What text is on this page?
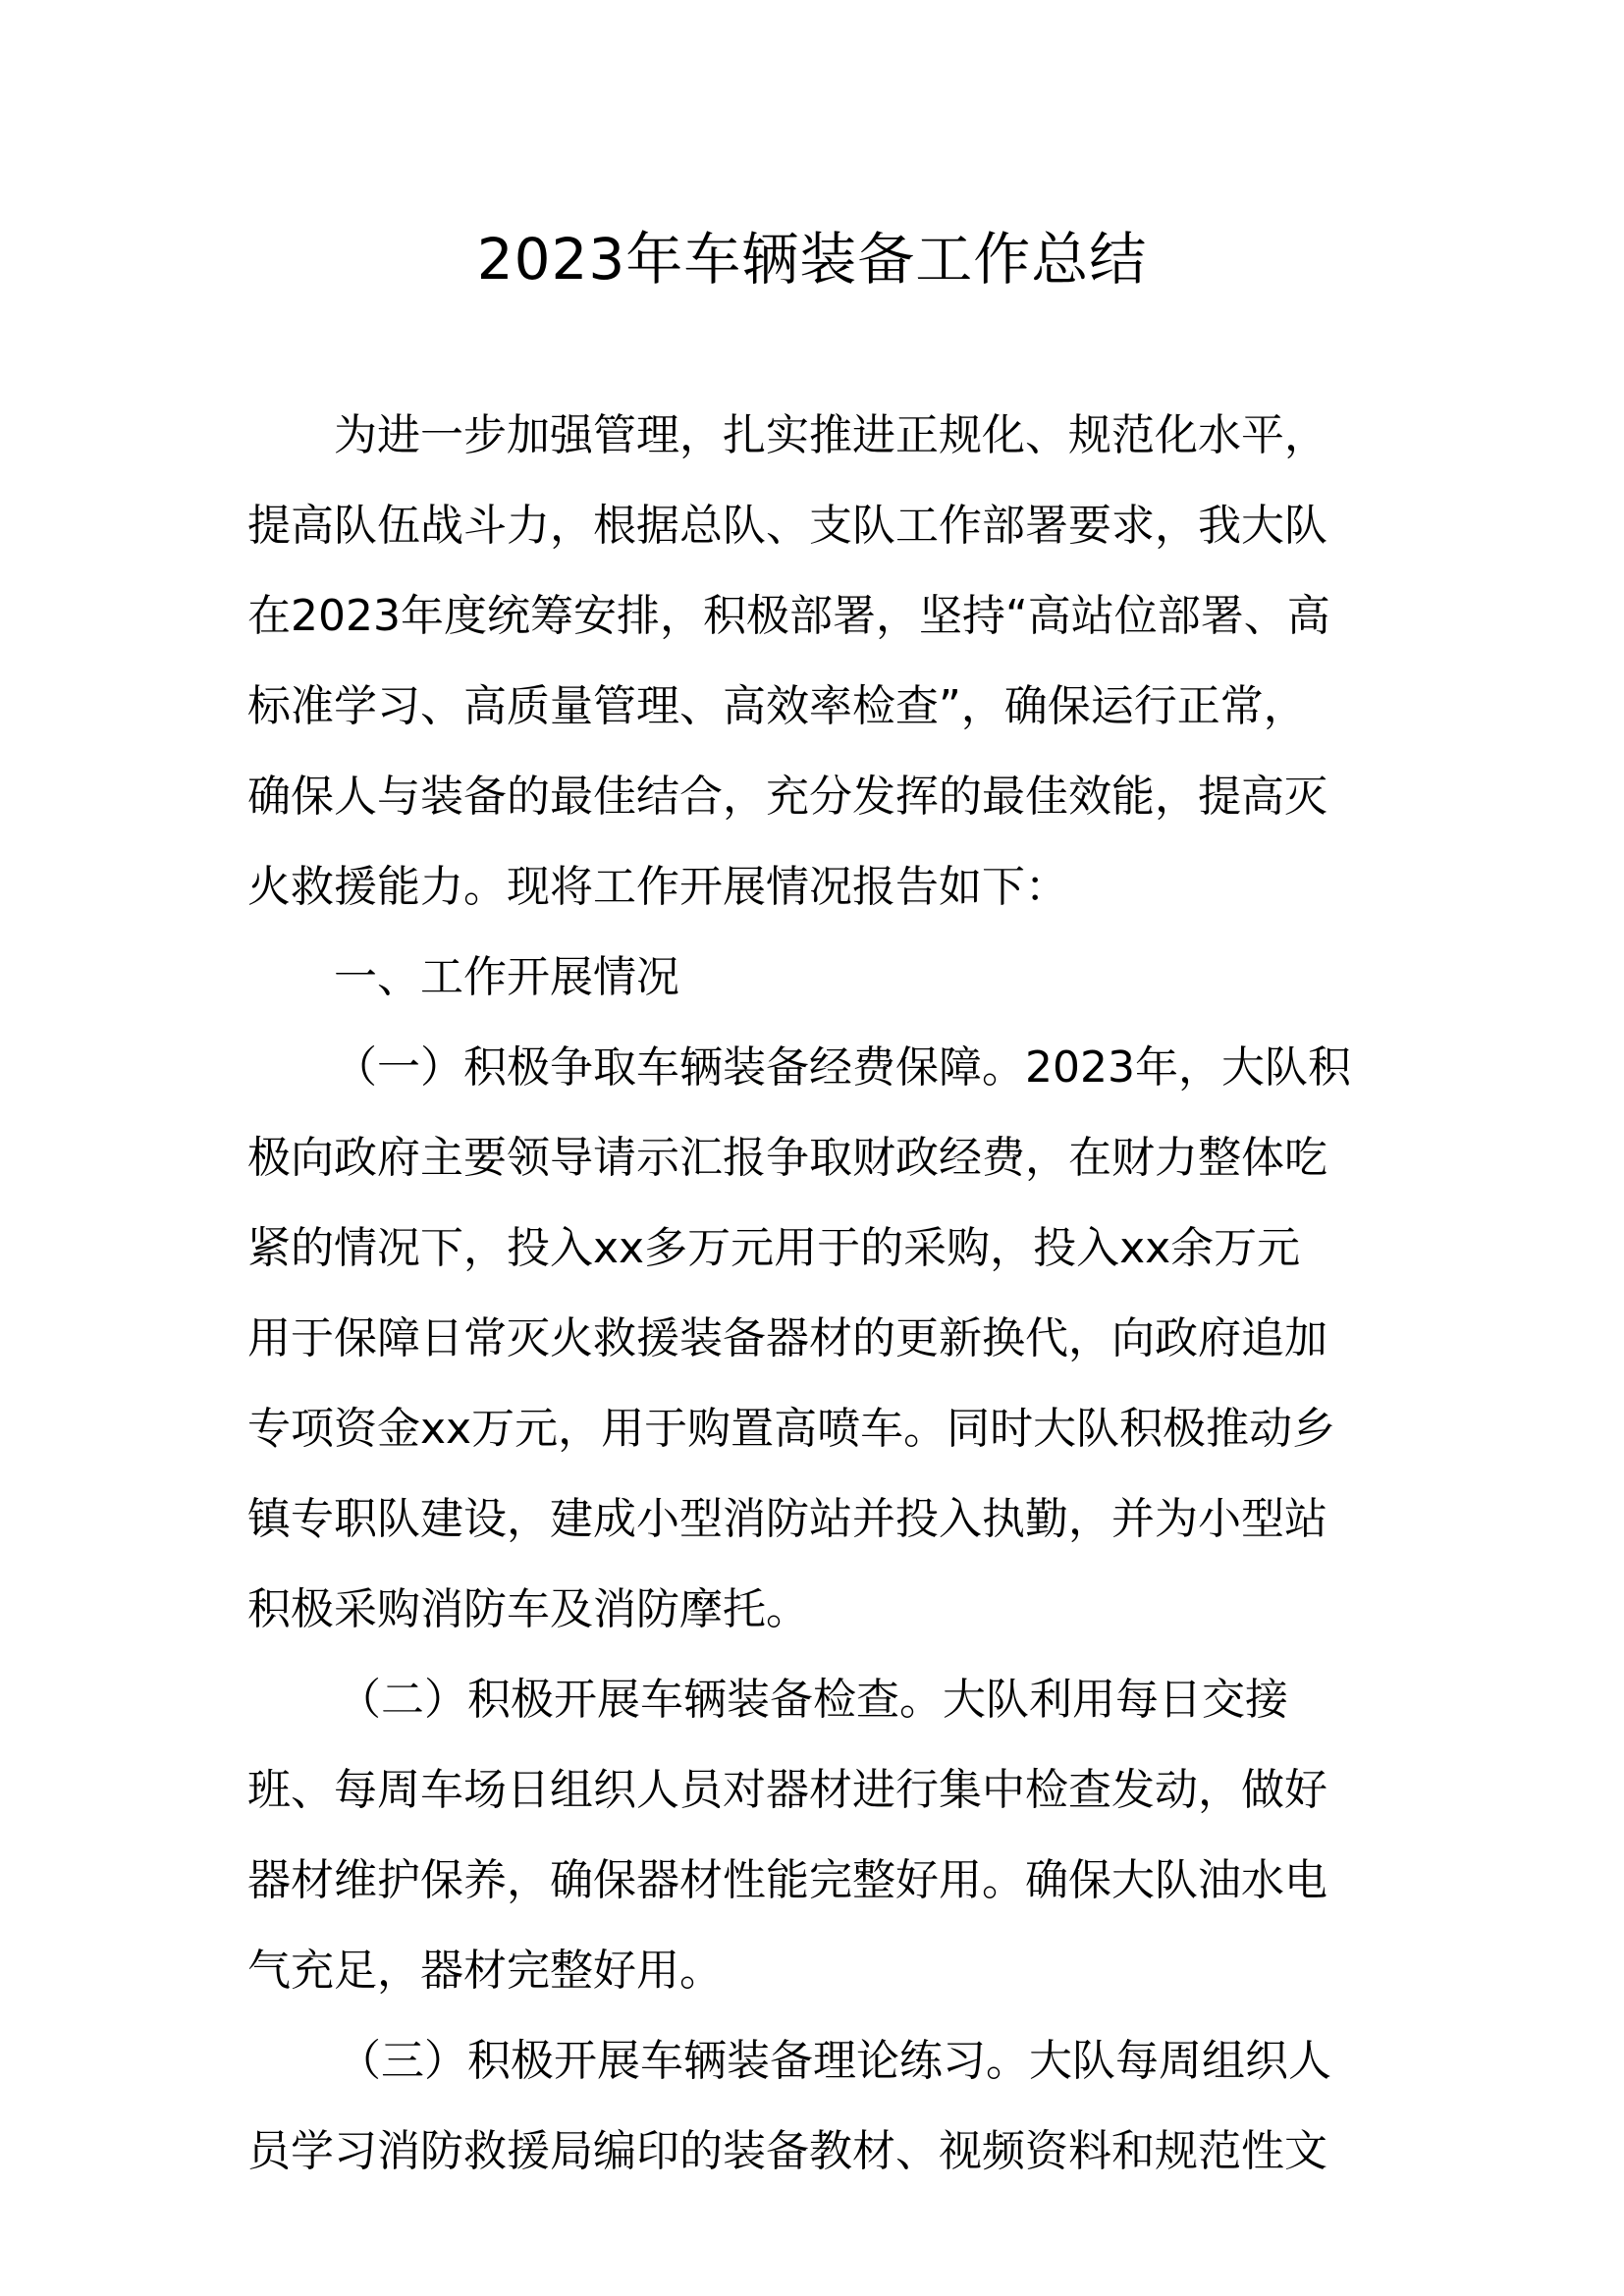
2023年车辆装备工作总结
为进一步加强管理，扎实推进正规化、规范化水平，
提高队伍战斗力，根据总队、支队工作部署要求，我大队
在2023年度统筹安排，积极部署，坚持“高站位部署、高
标准学习、高质量管理、高效率检查”，确保运行正常，
确保人与装备的最佳结合，充分发挥的最佳效能，提高灭
火救援能力。现将工作开展情况报告如下：
一、工作开展情况
（一）积极争取车辆装备经费保障。2023年，大队积
极向政府主要领导请示汇报争取财政经费，在财力整体吃
紧的情况下，投入xx多万元用于的采购，投入xx余万元
用于保障日常灭火救援装备器材的更新换代，向政府追加
专项资金xx万元，用于购置高喷车。同时大队积极推动乡
镇专职队建设，建成小型消防站并投入执勤，并为小型站
积极采购消防车及消防摩托。
（二）积极开展车辆装备检查。大队利用每日交接
班、每周车场日组织人员对器材进行集中检查发动，做好
器材维护保养，确保器材性能完整好用。确保大队油水电
气充足，器材完整好用。
（三）积极开展车辆装备理论练习。大队每周组织人
员学习消防救援局编印的装备教材、视频资料和规范性文
